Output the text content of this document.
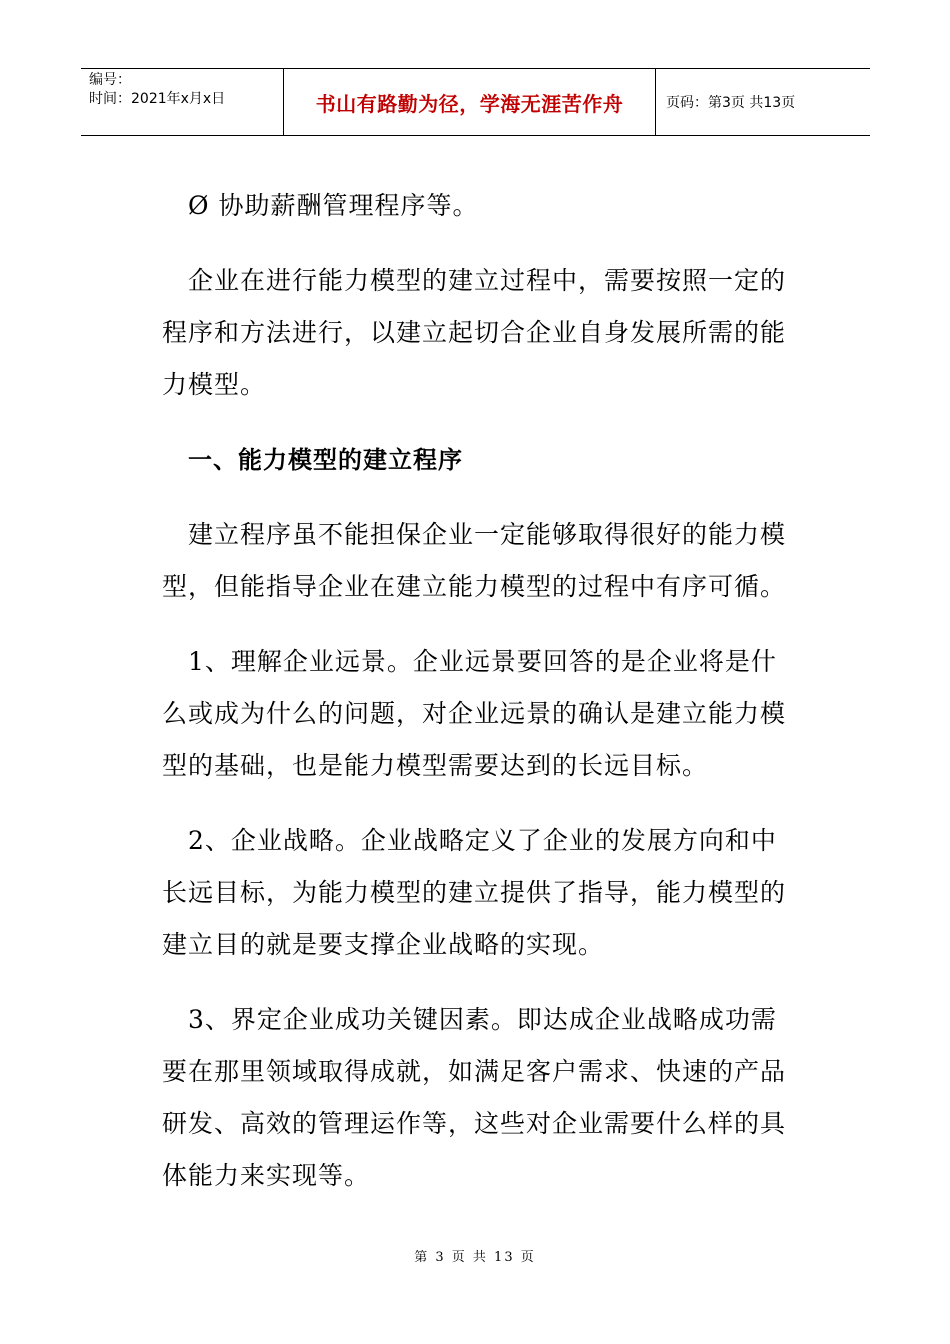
编号：
时间：2021年x月x日	书山有路勤为径，学海无涯苦作舟	页码：第3页 共13页

Ø 协助薪酬管理程序等。

企业在进行能力模型的建立过程中，需要按照一定的程序和方法进行，以建立起切合企业自身发展所需的能力模型。

一、能力模型的建立程序

建立程序虽不能担保企业一定能够取得很好的能力模型，但能指导企业在建立能力模型的过程中有序可循。

1、理解企业远景。企业远景要回答的是企业将是什么或成为什么的问题，对企业远景的确认是建立能力模型的基础，也是能力模型需要达到的长远目标。

2、企业战略。企业战略定义了企业的发展方向和中长远目标，为能力模型的建立提供了指导，能力模型的建立目的就是要支撑企业战略的实现。

3、界定企业成功关键因素。即达成企业战略成功需要在那里领域取得成就，如满足客户需求、快速的产品研发、高效的管理运作等，这些对企业需要什么样的具体能力来实现等。

第 3 页 共 13 页
